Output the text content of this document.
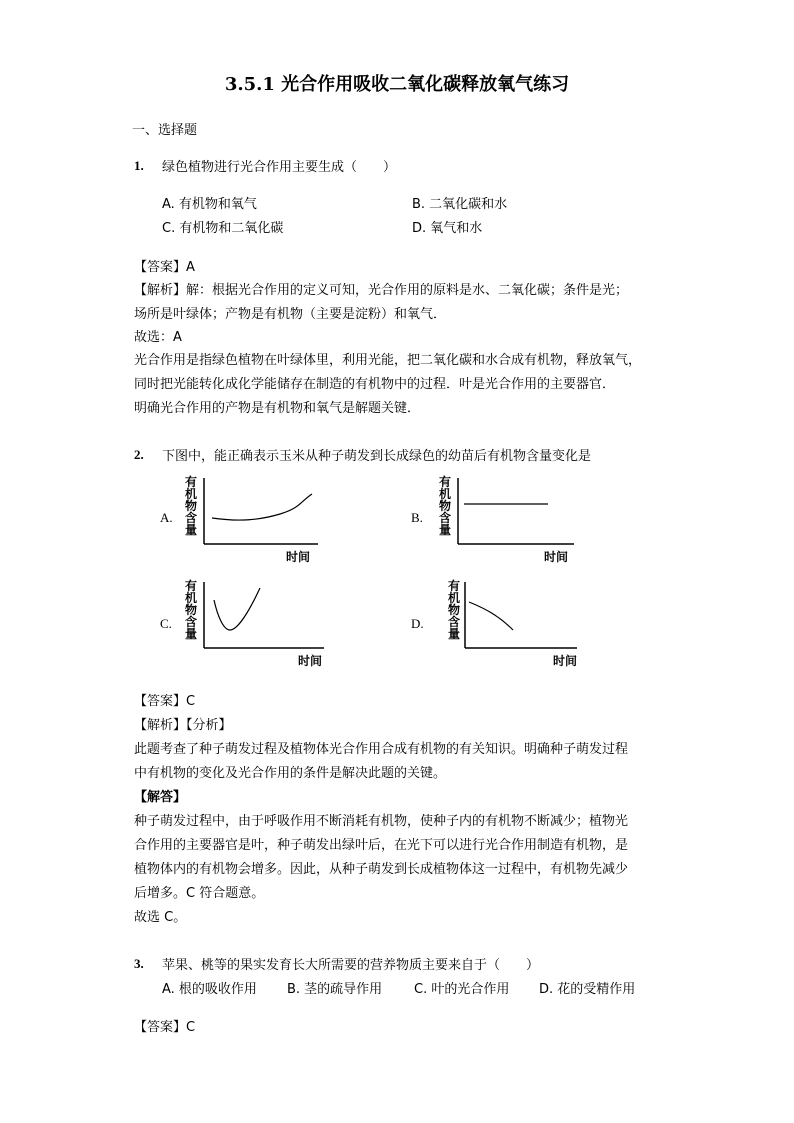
3.5.1 光合作用吸收二氧化碳释放氧气练习
一、选择题
1. 绿色植物进行光合作用主要生成（　　）
A. 有机物和氧气	B. 二氧化碳和水
C. 有机物和二氧化碳	D. 氧气和水
【答案】A
【解析】解：根据光合作用的定义可知，光合作用的原料是水、二氧化碳；条件是光；
场所是叶绿体；产物是有机物（主要是淀粉）和氧气．
故选：A
光合作用是指绿色植物在叶绿体里，利用光能，把二氧化碳和水合成有机物，释放氧气，
同时把光能转化成化学能储存在制造的有机物中的过程．叶是光合作用的主要器官．
明确光合作用的产物是有机物和氧气是解题关键．
2. 下图中，能正确表示玉米从种子萌发到长成绿色的幼苗后有机物含量变化是
A.
有机物含量
时间
B.
有机物含量
时间
C.
有机物含量
时间
D.
有机物含量
时间
【答案】C
【解析】【分析】
此题考查了种子萌发过程及植物体光合作用合成有机物的有关知识。明确种子萌发过程
中有机物的变化及光合作用的条件是解决此题的关键。
【解答】
种子萌发过程中，由于呼吸作用不断消耗有机物，使种子内的有机物不断减少；植物光
合作用的主要器官是叶，种子萌发出绿叶后，在光下可以进行光合作用制造有机物，是
植物体内的有机物会增多。因此，从种子萌发到长成植物体这一过程中，有机物先减少
后增多。C 符合题意。
故选 C。
3. 苹果、桃等的果实发育长大所需要的营养物质主要来自于（　　）
A. 根的吸收作用 B. 茎的疏导作用 C. 叶的光合作用 D. 花的受精作用
【答案】C
